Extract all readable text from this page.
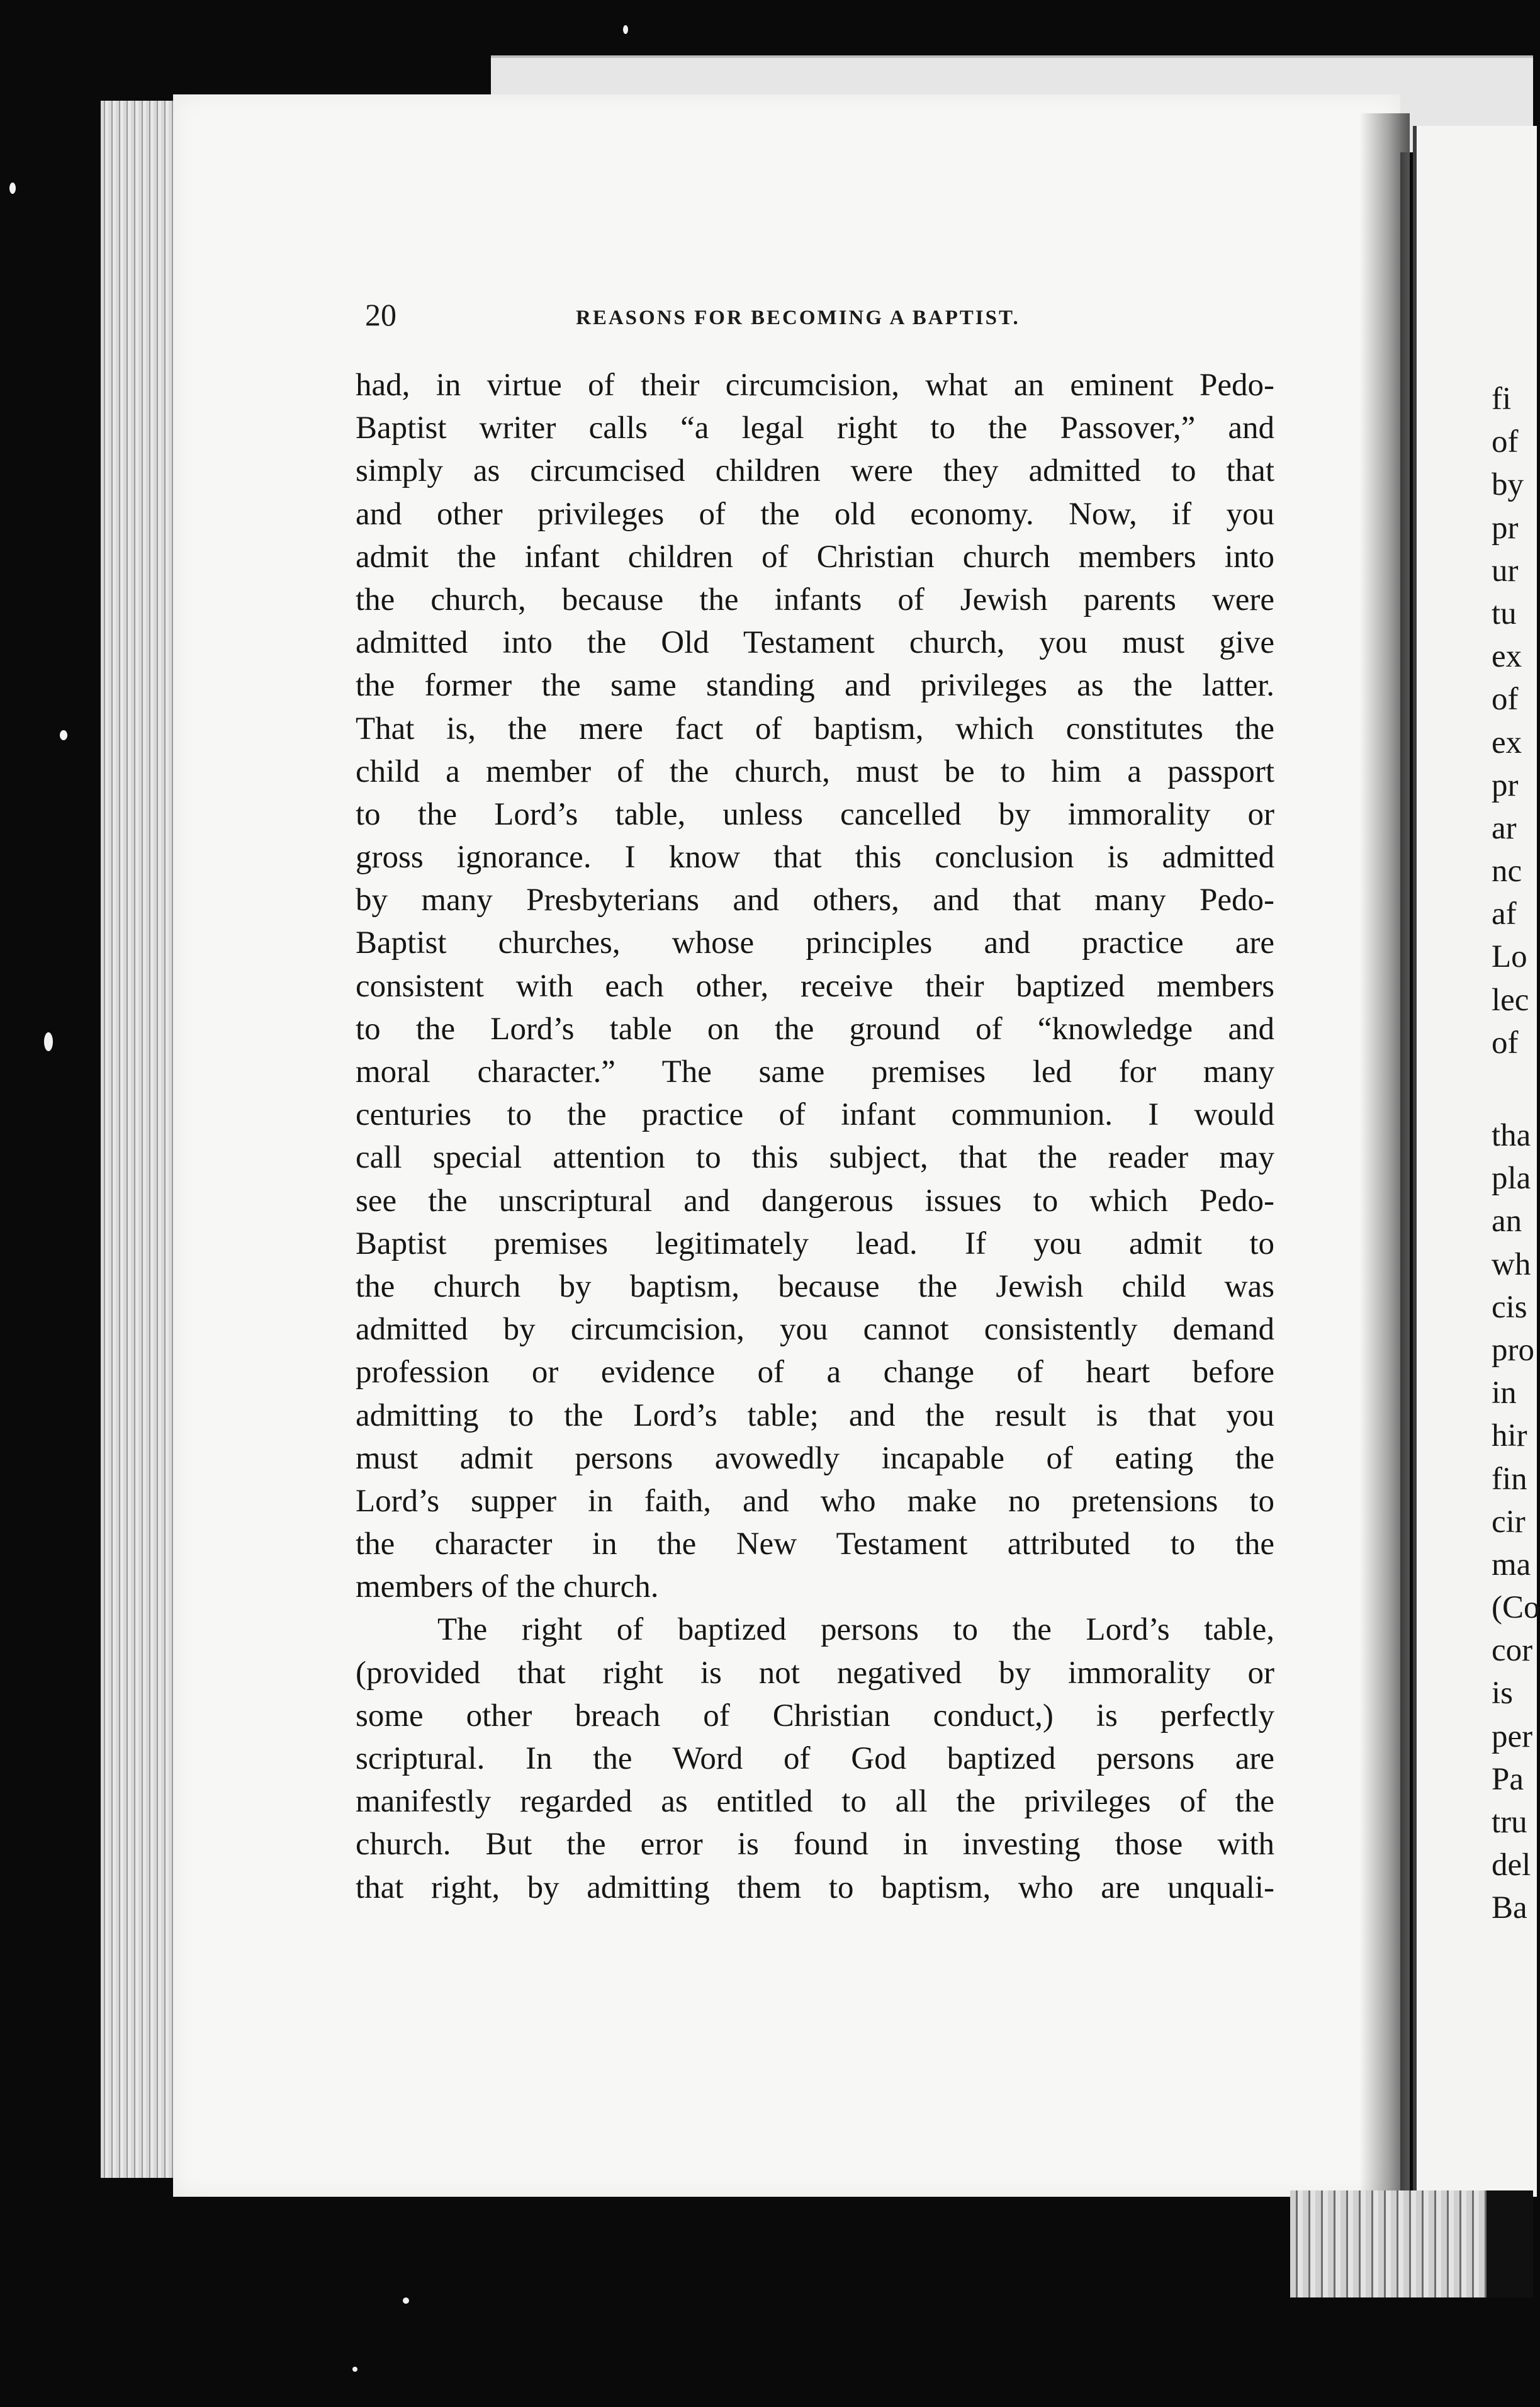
20	REASONS FOR BECOMING A BAPTIST.
had, in virtue of their circumcision, what an eminent Pedo-
Baptist writer calls “a legal right to the Passover,” and
simply as circumcised children were they admitted to that
and other privileges of the old economy. Now, if you
admit the infant children of Christian church members into
the church, because the infants of Jewish parents were
admitted into the Old Testament church, you must give
the former the same standing and privileges as the latter.
That is, the mere fact of baptism, which constitutes the
child a member of the church, must be to him a passport
to the Lord’s table, unless cancelled by immorality or
gross ignorance. I know that this conclusion is admitted
by many Presbyterians and others, and that many Pedo-
Baptist churches, whose principles and practice are
consistent with each other, receive their baptized members
to the Lord’s table on the ground of “knowledge and
moral character.” The same premises led for many
centuries to the practice of infant communion. I would
call special attention to this subject, that the reader may
see the unscriptural and dangerous issues to which Pedo-
Baptist premises legitimately lead. If you admit to
the church by baptism, because the Jewish child was
admitted by circumcision, you cannot consistently demand
profession or evidence of a change of heart before
admitting to the Lord’s table; and the result is that you
must admit persons avowedly incapable of eating the
Lord’s supper in faith, and who make no pretensions to
the character in the New Testament attributed to the
members of the church.
The right of baptized persons to the Lord’s table,
(provided that right is not negatived by immorality or
some other breach of Christian conduct,) is perfectly
scriptural. In the Word of God baptized persons are
manifestly regarded as entitled to all the privileges of the
church. But the error is found in investing those with
that right, by admitting them to baptism, who are unquali-
fi
of
by
pr
ur
tu
ex
of
ex
pr
ar
nc
af
Lo
lec
of
tha
pla
an
wh
cis
pro
in
hir
fin
cir
ma
(Co
cor
is
per
Pa
tru
del
Ba
